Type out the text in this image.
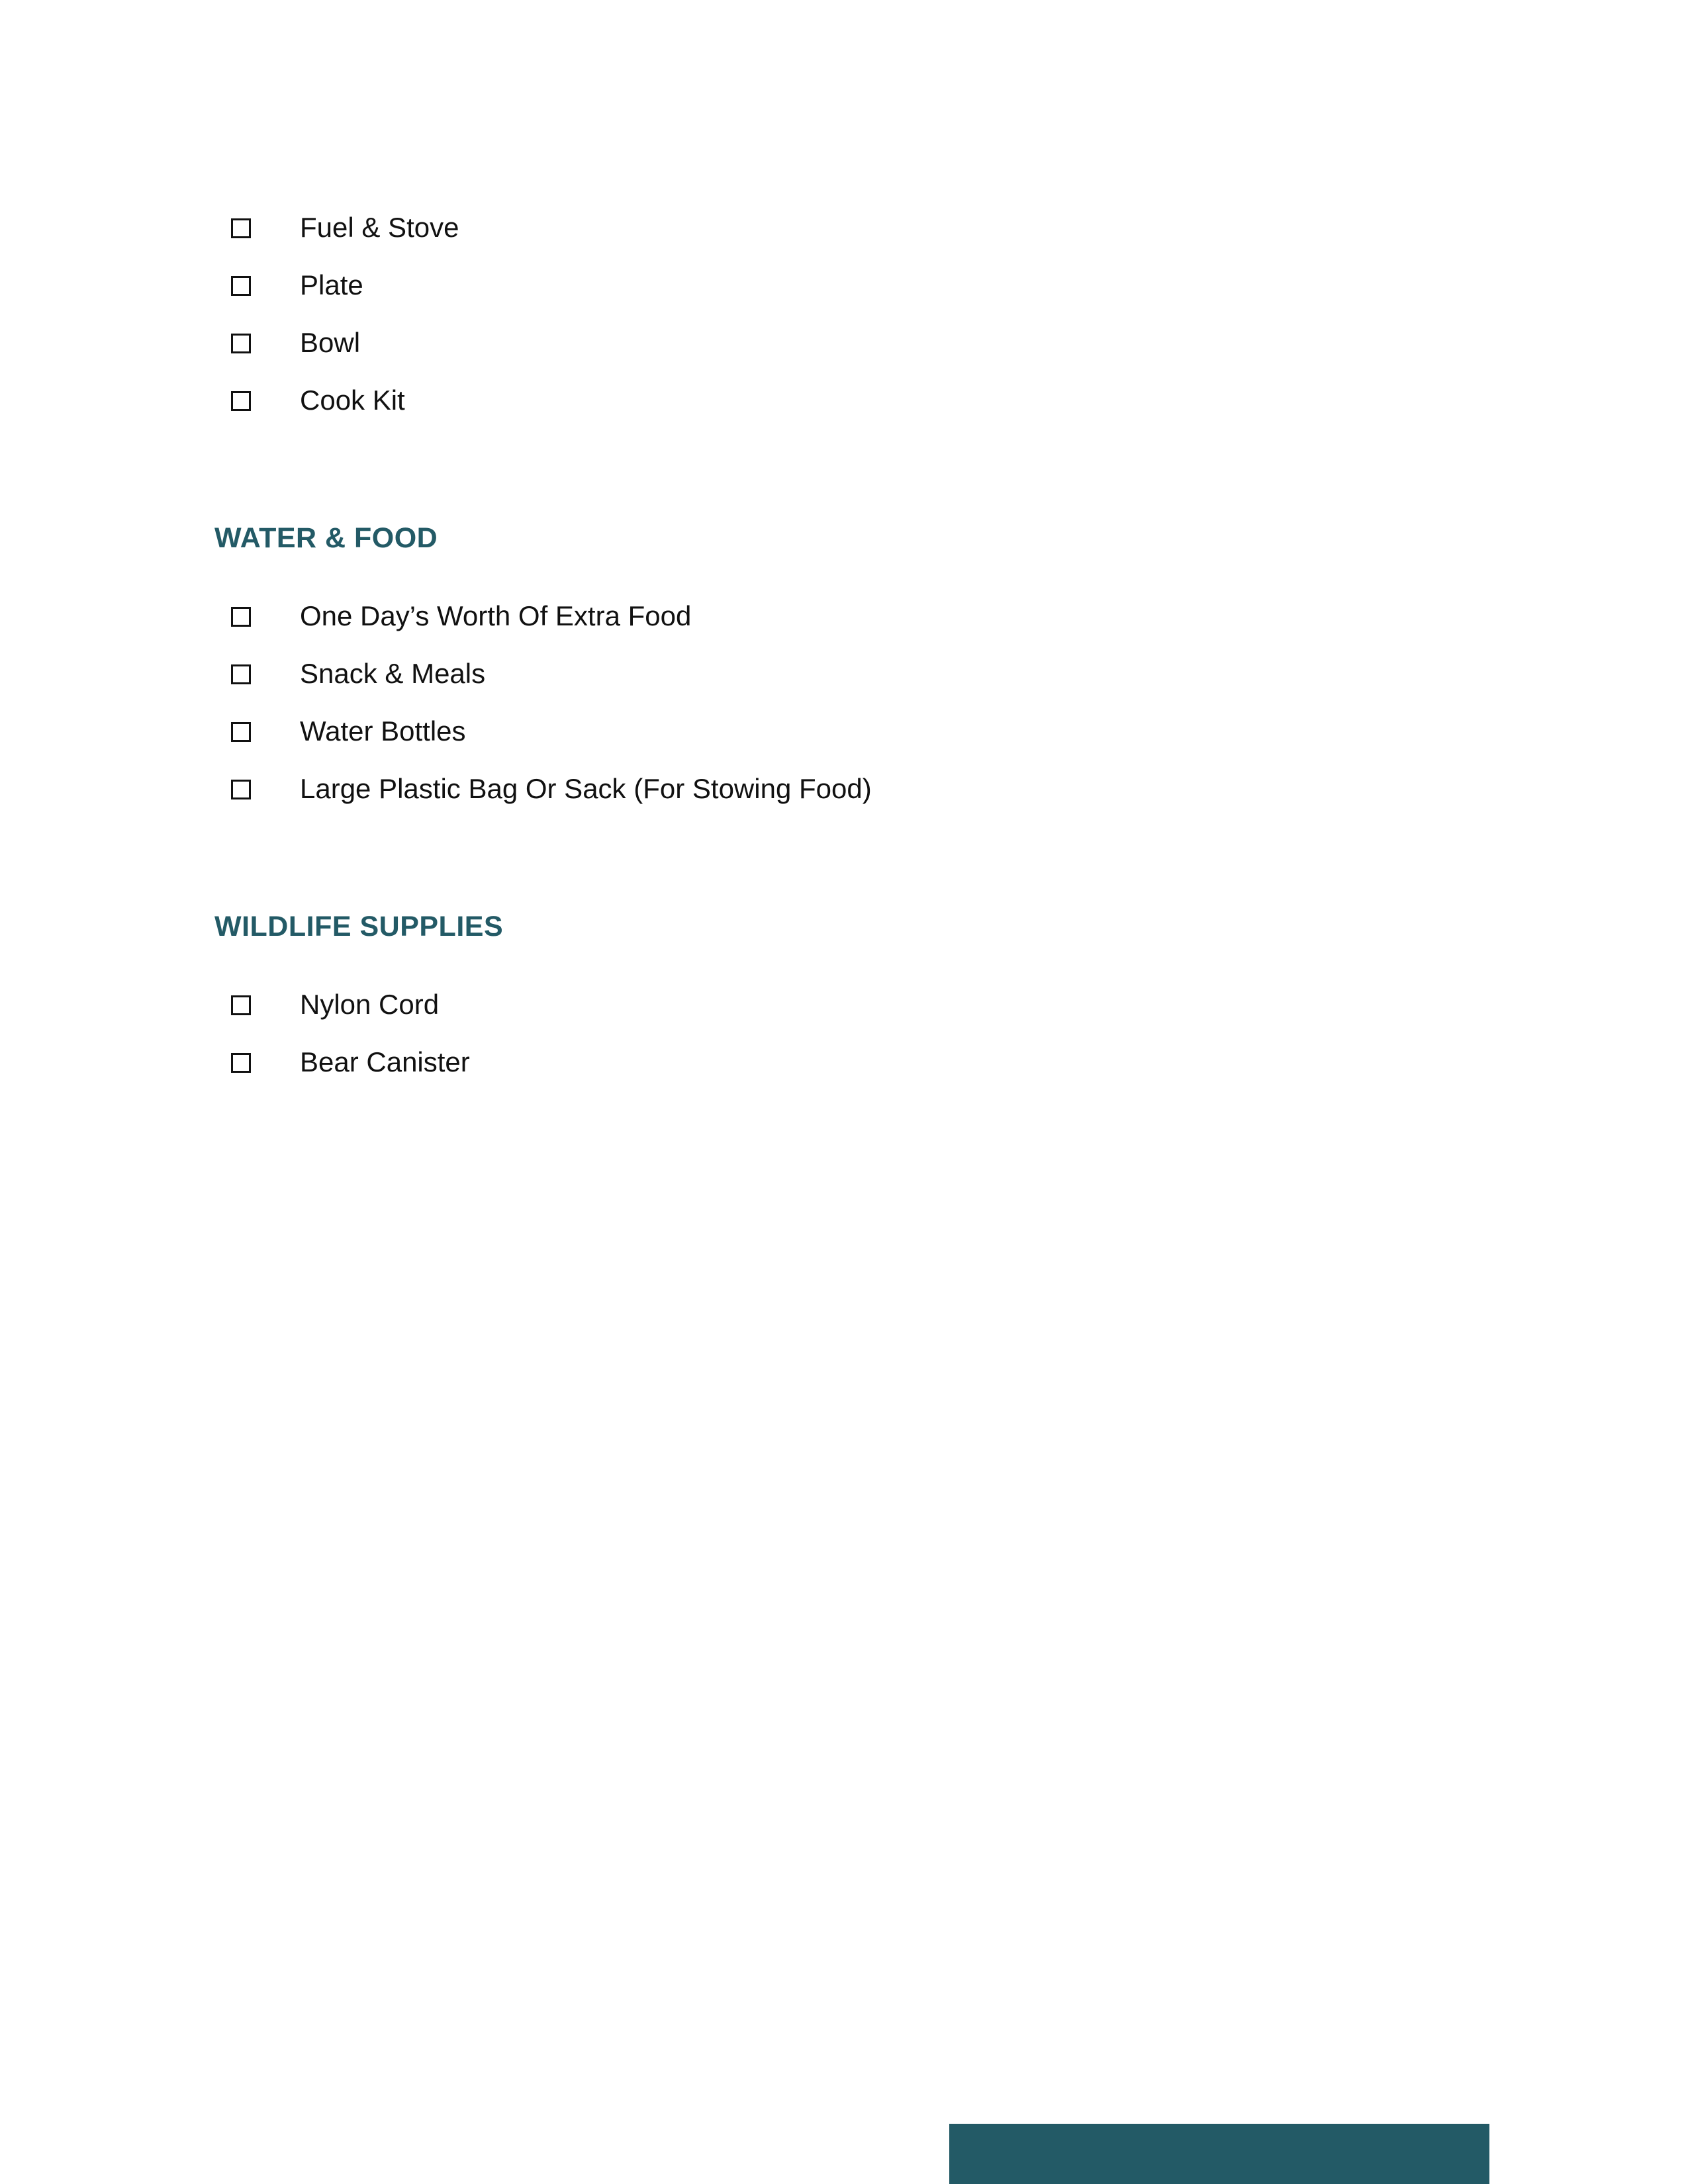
Fuel & Stove
Plate
Bowl
Cook Kit
WATER & FOOD
One Day’s Worth Of Extra Food
Snack & Meals
Water Bottles
Large Plastic Bag Or Sack (For Stowing Food)
WILDLIFE SUPPLIES
Nylon Cord
Bear Canister
